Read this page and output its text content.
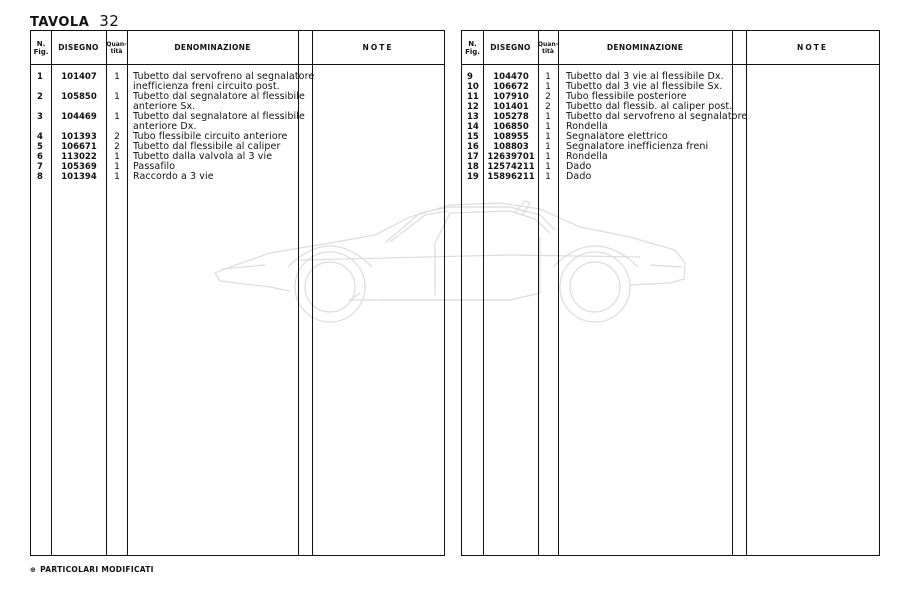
TAVOLA 32
N. Fig.	DISEGNO	Quan- tità	DENOMINAZIONE	NOTE
1	101407	1	Tubetto dal servofreno al segnalatore
inefficienza freni circuito post.
2	105850	1	Tubetto dal segnalatore al flessibile
anteriore Sx.
3	104469	1	Tubetto dal segnalatore al flessibile
anteriore Dx.
4	101393	2	Tubo flessibile circuito anteriore
5	106671	2	Tubetto dal flessibile al caliper
6	113022	1	Tubetto dalla valvola al 3 vie
7	105369	1	Passafilo
8	101394	1	Raccordo a 3 vie
N. Fig.	DISEGNO	Quan- tità	DENOMINAZIONE	NOTE
9	104470	1	Tubetto dal 3 vie al flessibile Dx.
10	106672	1	Tubetto dal 3 vie al flessibile Sx.
11	107910	2	Tubo flessibile posteriore
12	101401	2	Tubetto dal flessib. al caliper post.
13	105278	1	Tubetto dal servofreno al segnalatore
14	106850	1	Rondella
15	108955	1	Segnalatore elettrico
16	108803	1	Segnalatore inefficienza freni
17 12639701	1	Rondella
18 12574211	1	Dado
19 15896211	1	Dado
⊕ PARTICOLARI MODIFICATI
